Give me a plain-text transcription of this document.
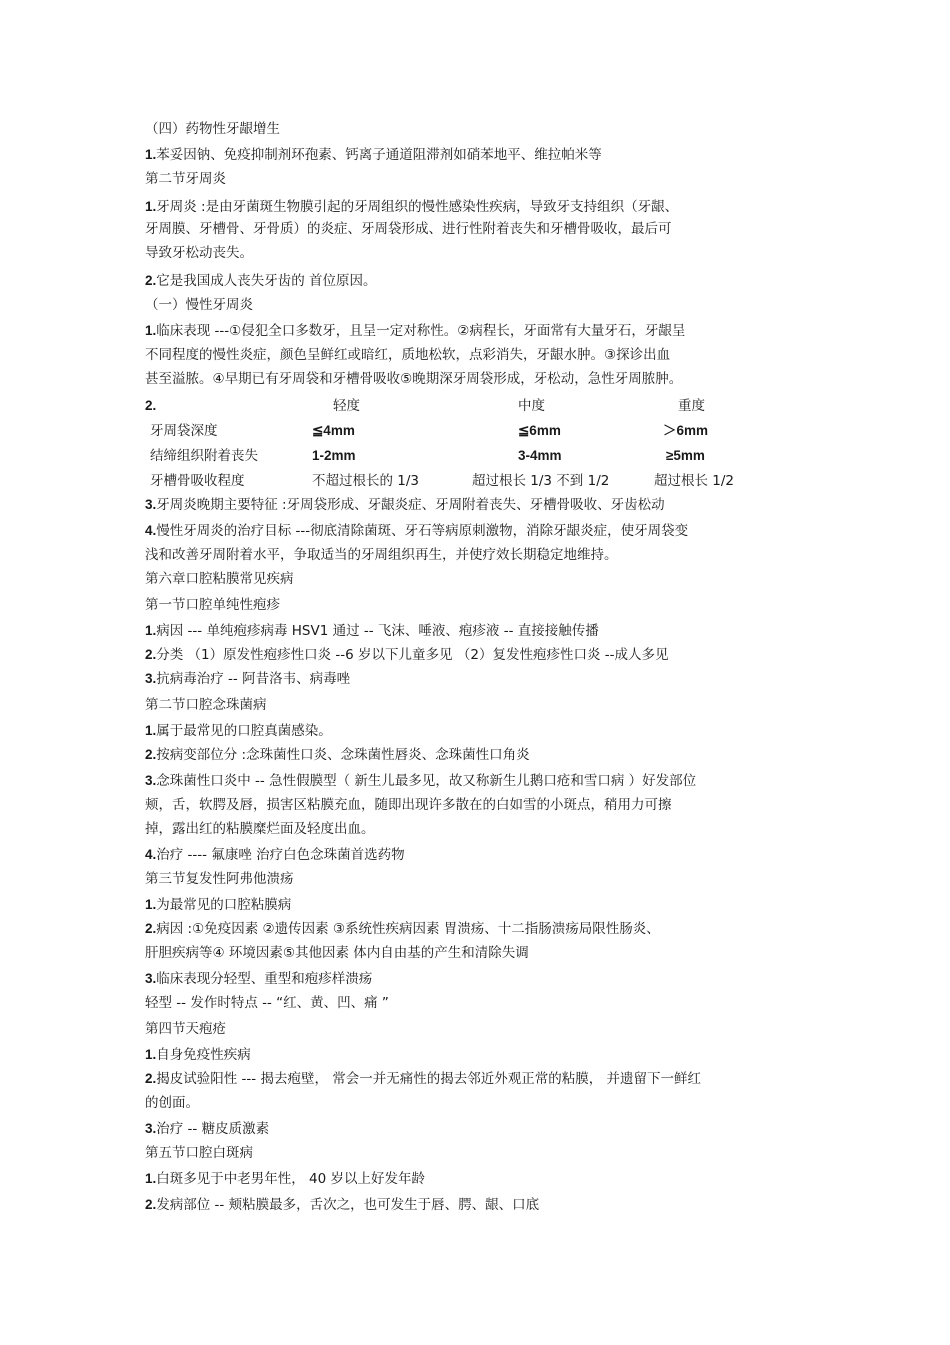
（四）药物性牙龈增生
1.苯妥因钠、免疫抑制剂环孢素、钙离子通道阻滞剂如硝苯地平、维拉帕米等
第二节牙周炎
1.牙周炎 :是由牙菌斑生物膜引起的牙周组织的慢性感染性疾病，导致牙支持组织（牙龈、
牙周膜、牙槽骨、牙骨质）的炎症、牙周袋形成、进行性附着丧失和牙槽骨吸收，最后可
导致牙松动丧失。
2.它是我国成人丧失牙齿的 首位原因。
（一）慢性牙周炎
1.临床表现 ---①侵犯全口多数牙，且呈一定对称性。②病程长，牙面常有大量牙石，牙龈呈
不同程度的慢性炎症，颜色呈鲜红或暗红，质地松软，点彩消失，牙龈水肿。③探诊出血
甚至溢脓。④早期已有牙周袋和牙槽骨吸收⑤晚期深牙周袋形成，牙松动，急性牙周脓肿。
2.	轻度	中度	重度
牙周袋深度	≦4mm	≦6mm	＞6mm
结缔组织附着丧失	1-2mm	3-4mm	≥5mm
牙槽骨吸收程度	不超过根长的 1/3	超过根长 1/3 不到 1/2	超过根长 1/2
3.牙周炎晚期主要特征 :牙周袋形成、牙龈炎症、牙周附着丧失、牙槽骨吸收、牙齿松动
4.慢性牙周炎的治疗目标 ---彻底清除菌斑、牙石等病原刺激物，消除牙龈炎症，使牙周袋变
浅和改善牙周附着水平，争取适当的牙周组织再生，并使疗效长期稳定地维持。
第六章口腔粘膜常见疾病
第一节口腔单纯性疱疹
1.病因 --- 单纯疱疹病毒 HSV1 通过 -- 飞沫、唾液、疱疹液 -- 直接接触传播
2.分类 （1）原发性疱疹性口炎 --6 岁以下儿童多见 （2）复发性疱疹性口炎 --成人多见
3.抗病毒治疗 -- 阿昔洛韦、病毒唑
第二节口腔念珠菌病
1.属于最常见的口腔真菌感染。
2.按病变部位分 :念珠菌性口炎、念珠菌性唇炎、念珠菌性口角炎
3.念珠菌性口炎中 -- 急性假膜型（ 新生儿最多见，故又称新生儿鹅口疮和雪口病 ）好发部位
颊，舌，软腭及唇，损害区粘膜充血，随即出现许多散在的白如雪的小斑点，稍用力可擦
掉，露出红的粘膜糜烂面及轻度出血。
4.治疗 ---- 氟康唑 治疗白色念珠菌首选药物
第三节复发性阿弗他溃疡
1.为最常见的口腔粘膜病
2.病因 :①免疫因素 ②遗传因素 ③系统性疾病因素 胃溃疡、十二指肠溃疡局限性肠炎、
肝胆疾病等④ 环境因素⑤其他因素 体内自由基的产生和清除失调
3.临床表现分轻型、重型和疱疹样溃疡
轻型 -- 发作时特点 -- “红、黄、凹、痛 ”
第四节天疱疮
1.自身免疫性疾病
2.揭皮试验阳性 --- 揭去疱壁， 常会一并无痛性的揭去邻近外观正常的粘膜， 并遗留下一鲜红
的创面。
3.治疗 -- 糖皮质激素
第五节口腔白斑病
1.白斑多见于中老男年性， 40 岁以上好发年龄
2.发病部位 -- 颊粘膜最多，舌次之，也可发生于唇、腭、龈、口底
